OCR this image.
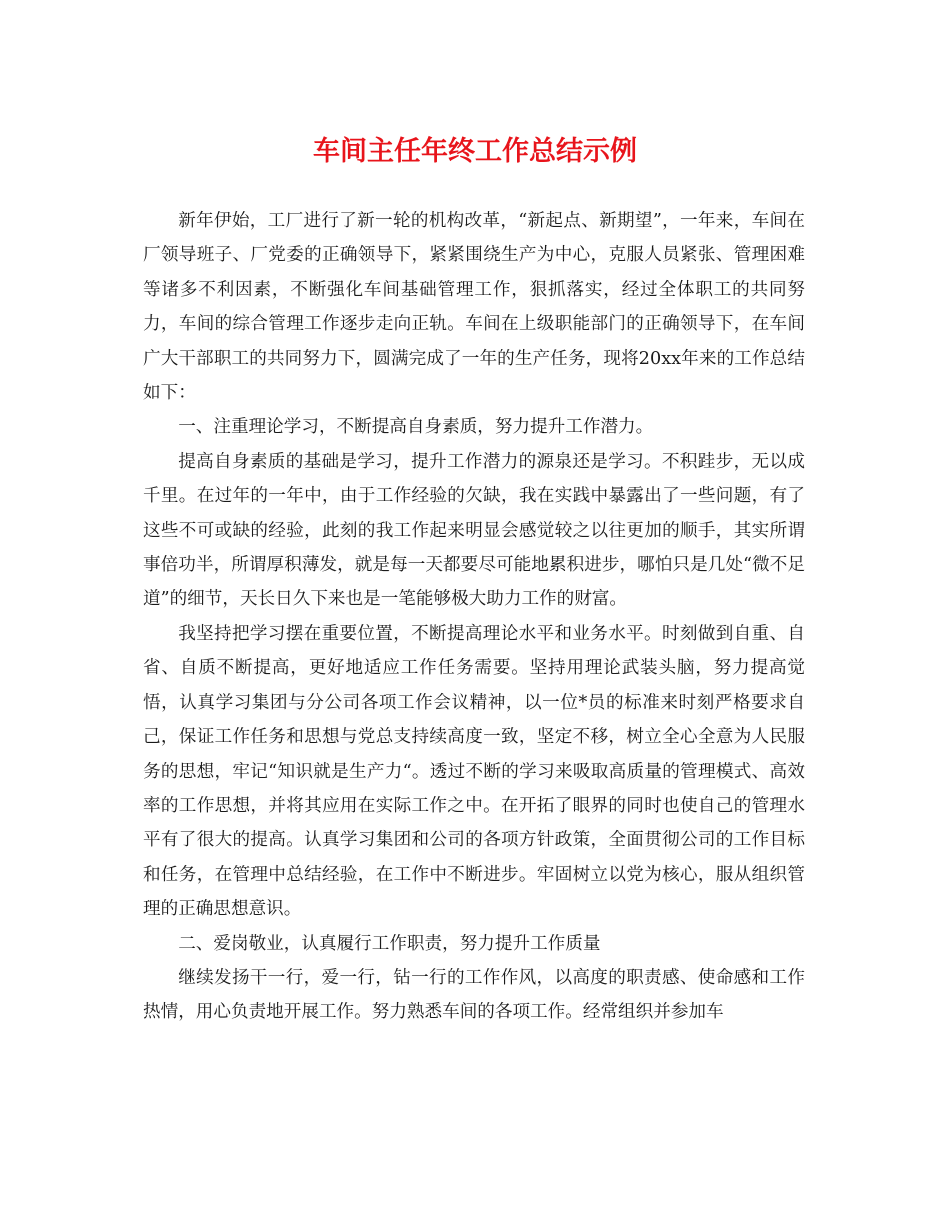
车间主任年终工作总结示例

新年伊始，工厂进行了新一轮的机构改革，“新起点、新期望”，一年来，车间在厂领导班子、厂党委的正确领导下，紧紧围绕生产为中心，克服人员紧张、管理困难等诸多不利因素，不断强化车间基础管理工作，狠抓落实，经过全体职工的共同努力，车间的综合管理工作逐步走向正轨。车间在上级职能部门的正确领导下，在车间广大干部职工的共同努力下，圆满完成了一年的生产任务，现将20xx年来的工作总结如下：

一、注重理论学习，不断提高自身素质，努力提升工作潜力。

提高自身素质的基础是学习，提升工作潜力的源泉还是学习。不积跬步，无以成千里。在过年的一年中，由于工作经验的欠缺，我在实践中暴露出了一些问题，有了这些不可或缺的经验，此刻的我工作起来明显会感觉较之以往更加的顺手，其实所谓事倍功半，所谓厚积薄发，就是每一天都要尽可能地累积进步，哪怕只是几处“微不足道”的细节，天长日久下来也是一笔能够极大助力工作的财富。

我坚持把学习摆在重要位置，不断提高理论水平和业务水平。时刻做到自重、自省、自质不断提高，更好地适应工作任务需要。坚持用理论武装头脑，努力提高觉悟，认真学习集团与分公司各项工作会议精神，以一位*员的标准来时刻严格要求自己，保证工作任务和思想与党总支持续高度一致，坚定不移，树立全心全意为人民服务的思想，牢记“知识就是生产力“。透过不断的学习来吸取高质量的管理模式、高效率的工作思想，并将其应用在实际工作之中。在开拓了眼界的同时也使自己的管理水平有了很大的提高。认真学习集团和公司的各项方针政策，全面贯彻公司的工作目标和任务，在管理中总结经验，在工作中不断进步。牢固树立以党为核心，服从组织管理的正确思想意识。

二、爱岗敬业，认真履行工作职责，努力提升工作质量

继续发扬干一行，爱一行，钻一行的工作作风，以高度的职责感、使命感和工作热情，用心负责地开展工作。努力熟悉车间的各项工作。经常组织并参加车
